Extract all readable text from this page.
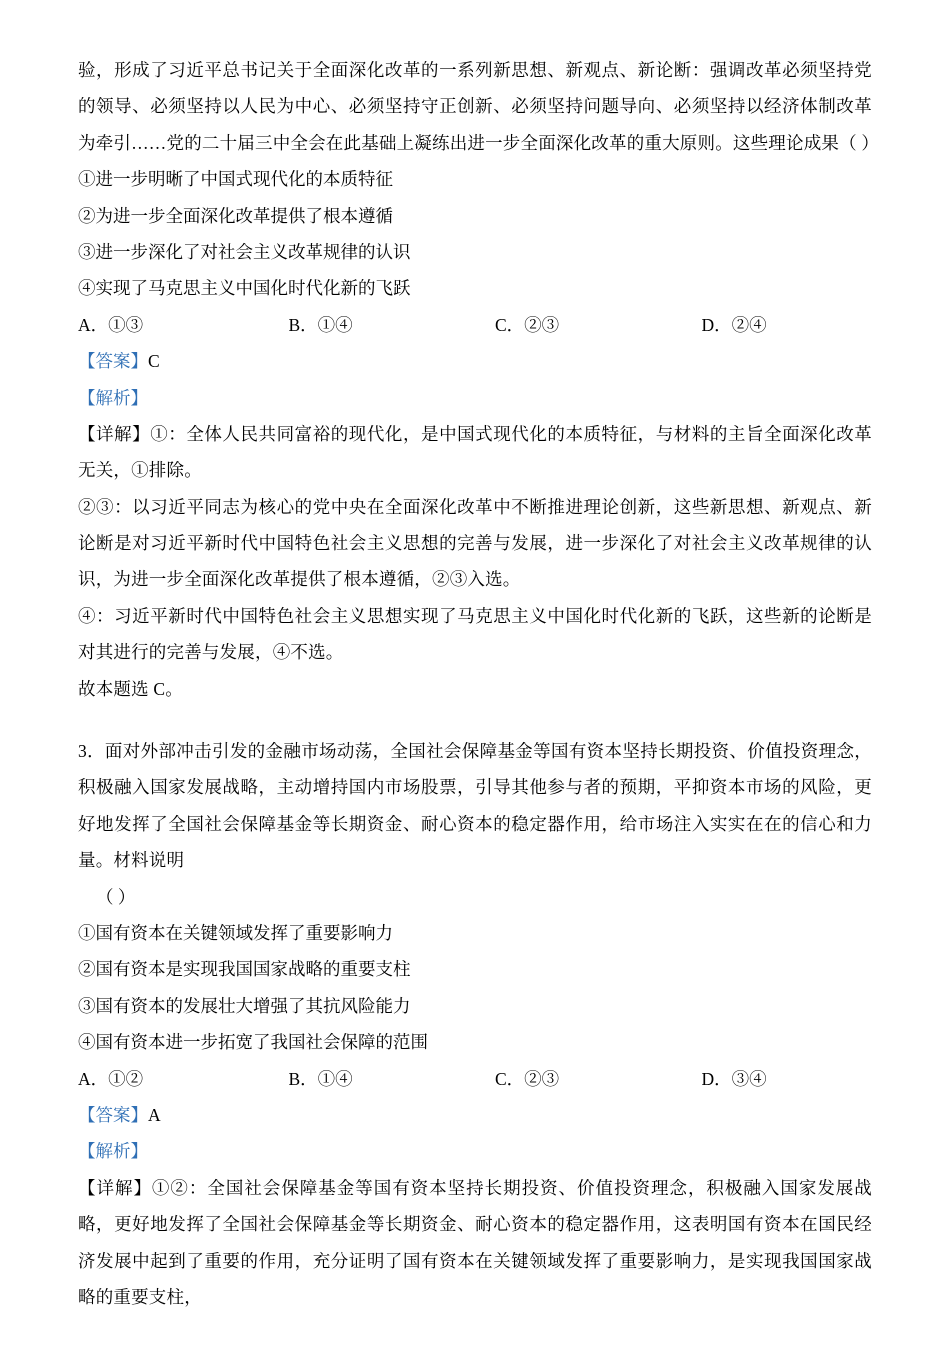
验，形成了习近平总书记关于全面深化改革的一系列新思想、新观点、新论断：强调改革必须坚持党的领导、必须坚持以人民为中心、必须坚持守正创新、必须坚持问题导向、必须坚持以经济体制改革为牵引……党的二十届三中全会在此基础上凝练出进一步全面深化改革的重大原则。这些理论成果（ ）

①进一步明晰了中国式现代化的本质特征

②为进一步全面深化改革提供了根本遵循

③进一步深化了对社会主义改革规律的认识

④实现了马克思主义中国化时代化新的飞跃

A．①③	B．①④	C．②③	D．②④

【答案】C

【解析】

【详解】①：全体人民共同富裕的现代化，是中国式现代化的本质特征，与材料的主旨全面深化改革无关，①排除。

②③：以习近平同志为核心的党中央在全面深化改革中不断推进理论创新，这些新思想、新观点、新论断是对习近平新时代中国特色社会主义思想的完善与发展，进一步深化了对社会主义改革规律的认识，为进一步全面深化改革提供了根本遵循，②③入选。

④：习近平新时代中国特色社会主义思想实现了马克思主义中国化时代化新的飞跃，这些新的论断是对其进行的完善与发展，④不选。

故本题选 C。

3．面对外部冲击引发的金融市场动荡，全国社会保障基金等国有资本坚持长期投资、价值投资理念，积极融入国家发展战略，主动增持国内市场股票，引导其他参与者的预期，平抑资本市场的风险，更好地发挥了全国社会保障基金等长期资金、耐心资本的稳定器作用，给市场注入实实在在的信心和力量。材料说明

（ ）

①国有资本在关键领域发挥了重要影响力

②国有资本是实现我国国家战略的重要支柱

③国有资本的发展壮大增强了其抗风险能力

④国有资本进一步拓宽了我国社会保障的范围

A．①②	B．①④	C．②③	D．③④

【答案】A

【解析】

【详解】①②：全国社会保障基金等国有资本坚持长期投资、价值投资理念，积极融入国家发展战略，更好地发挥了全国社会保障基金等长期资金、耐心资本的稳定器作用，这表明国有资本在国民经济发展中起到了重要的作用，充分证明了国有资本在关键领域发挥了重要影响力，是实现我国国家战略的重要支柱，
